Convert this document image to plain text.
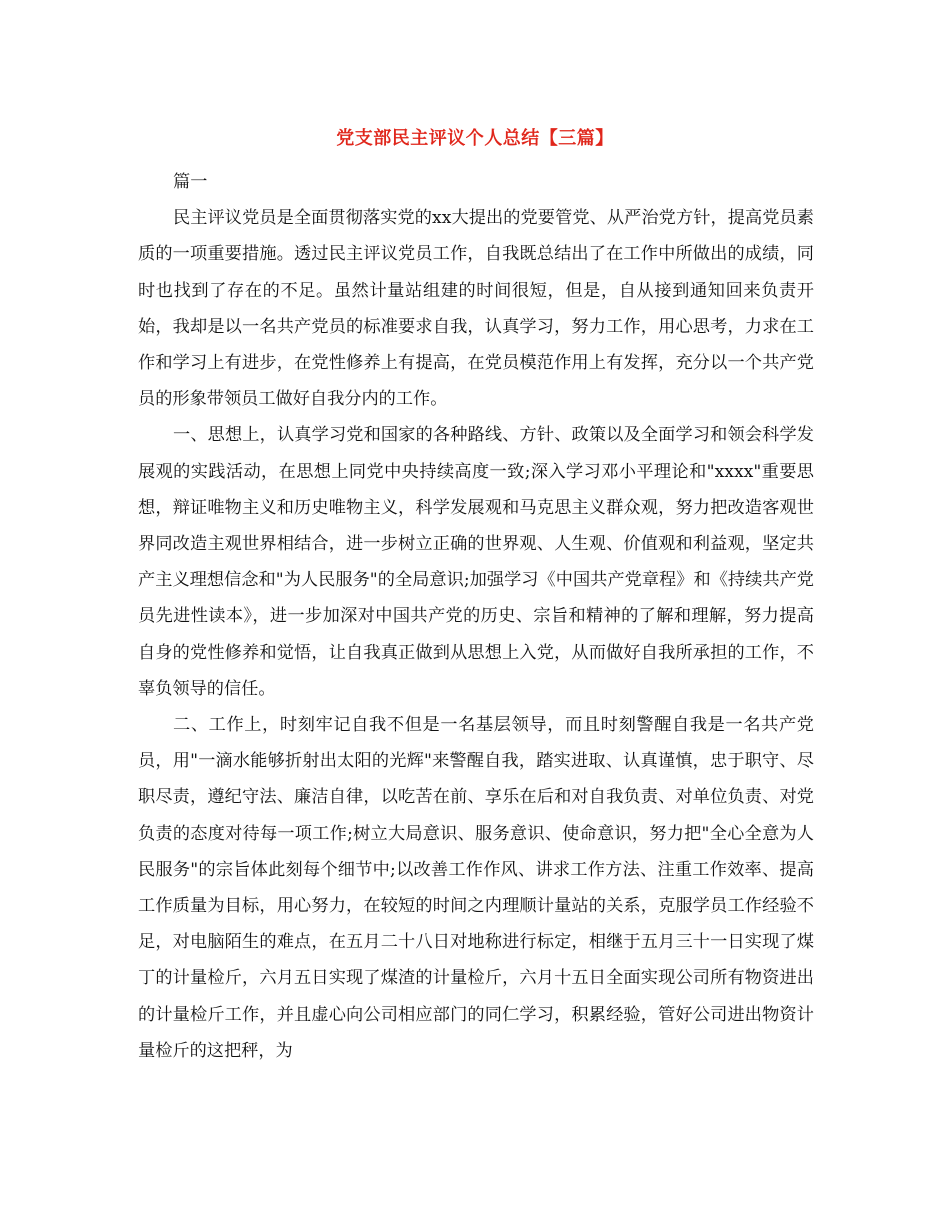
党支部民主评议个人总结【三篇】

篇一

民主评议党员是全面贯彻落实党的xx大提出的党要管党、从严治党方针，提高党员素质的一项重要措施。透过民主评议党员工作，自我既总结出了在工作中所做出的成绩，同时也找到了存在的不足。虽然计量站组建的时间很短，但是，自从接到通知回来负责开始，我却是以一名共产党员的标准要求自我，认真学习，努力工作，用心思考，力求在工作和学习上有进步，在党性修养上有提高，在党员模范作用上有发挥，充分以一个共产党员的形象带领员工做好自我分内的工作。

一、思想上，认真学习党和国家的各种路线、方针、政策以及全面学习和领会科学发展观的实践活动，在思想上同党中央持续高度一致;深入学习邓小平理论和"xxxx"重要思想，辩证唯物主义和历史唯物主义，科学发展观和马克思主义群众观，努力把改造客观世界同改造主观世界相结合，进一步树立正确的世界观、人生观、价值观和利益观，坚定共产主义理想信念和"为人民服务"的全局意识;加强学习《中国共产党章程》和《持续共产党员先进性读本》，进一步加深对中国共产党的历史、宗旨和精神的了解和理解，努力提高自身的党性修养和觉悟，让自我真正做到从思想上入党，从而做好自我所承担的工作，不辜负领导的信任。

二、工作上，时刻牢记自我不但是一名基层领导，而且时刻警醒自我是一名共产党员，用"一滴水能够折射出太阳的光辉"来警醒自我，踏实进取、认真谨慎，忠于职守、尽职尽责，遵纪守法、廉洁自律，以吃苦在前、享乐在后和对自我负责、对单位负责、对党负责的态度对待每一项工作;树立大局意识、服务意识、使命意识，努力把"全心全意为人民服务"的宗旨体此刻每个细节中;以改善工作作风、讲求工作方法、注重工作效率、提高工作质量为目标，用心努力，在较短的时间之内理顺计量站的关系，克服学员工作经验不足，对电脑陌生的难点，在五月二十八日对地称进行标定，相继于五月三十一日实现了煤丁的计量检斤，六月五日实现了煤渣的计量检斤，六月十五日全面实现公司所有物资进出的计量检斤工作，并且虚心向公司相应部门的同仁学习，积累经验，管好公司进出物资计量检斤的这把秤，为
